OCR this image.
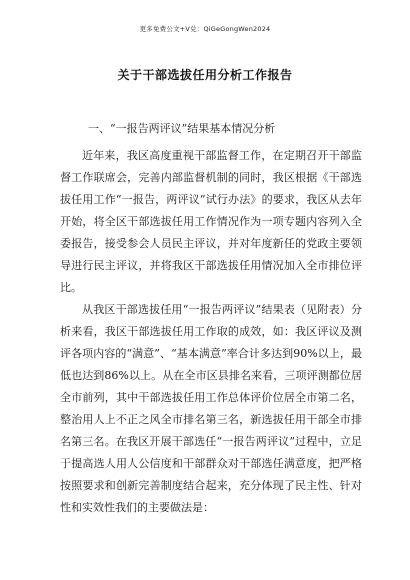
更多免费公文+V兑：QiGeGongWen2024
关于干部选拔任用分析工作报告

一、“一报告两评议”结果基本情况分析

近年来，我区高度重视干部监督工作，在定期召开干部监督工作联席会，完善内部监督机制的同时，我区根据《干部选拔任用工作“一报告，两评议”试行办法》的要求，我区从去年开始，将全区干部选拔任用工作情况作为一项专题内容列入全委报告，接受参会人员民主评议，并对年度新任的党政主要领导进行民主评议，并将我区干部选拔任用情况加入全市排位评比。

从我区干部选拔任用“一报告两评议”结果表（见附表）分析来看，我区干部选拔任用工作取的成效，如：我区评议及测评各项内容的“满意”、“基本满意”率合计多达到90%以上，最低也达到86%以上。从在全市区县排名来看，三项评测都位居全市前列，其中干部选拔任用工作总体评价位居全市第二名，整治用人上不正之风全市排名第三名，新选拔任用干部全市排名第三名。在我区开展干部选任“一报告两评议”过程中，立足于提高选人用人公信度和干部群众对干部选任满意度，把严格按照要求和创新完善制度结合起来，充分体现了民主性、针对性和实效性我们的主要做法是：
